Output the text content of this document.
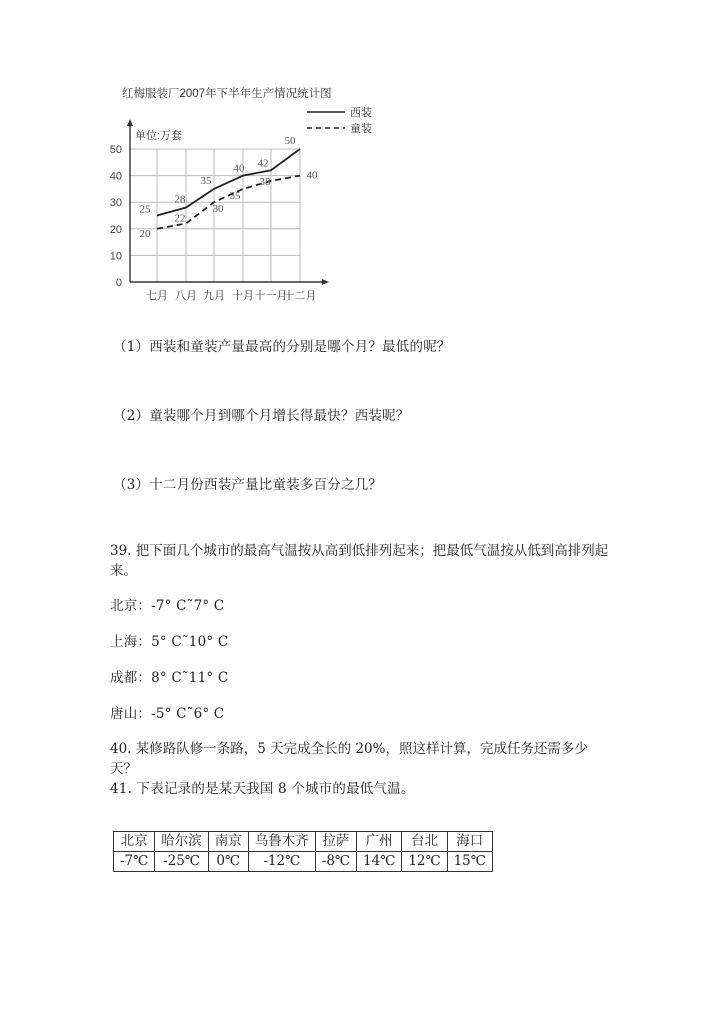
红梅服装厂2007年下半年生产情况统计图
西装
童装
单位:万套
0
10
20
30
40
50
七月 八月 九月 十月 十一月
十二月
25
28
35
40 42
50
20
22
30
35
38
40
（1）西装和童装产量最高的分别是哪个月？最低的呢？
（2）童装哪个月到哪个月增长得最快？西装呢？
（3）十二月份西装产量比童装多百分之几？
39. 把下面几个城市的最高气温按从高到低排列起来；把最低气温按从低到高排列起来。
北京：-7° C˜7° C
上海：5° C˜10° C
成都：8° C˜11° C
唐山：-5° C˜6° C
40. 某修路队修一条路，5 天完成全长的 20%，照这样计算，完成任务还需多少天？
41. 下表记录的是某天我国 8 个城市的最低气温。
北京	哈尔滨	南京	乌鲁木齐	拉萨	广州	台北	海口
-7℃	-25℃	0℃	-12℃	-8℃	14℃	12℃	15℃
